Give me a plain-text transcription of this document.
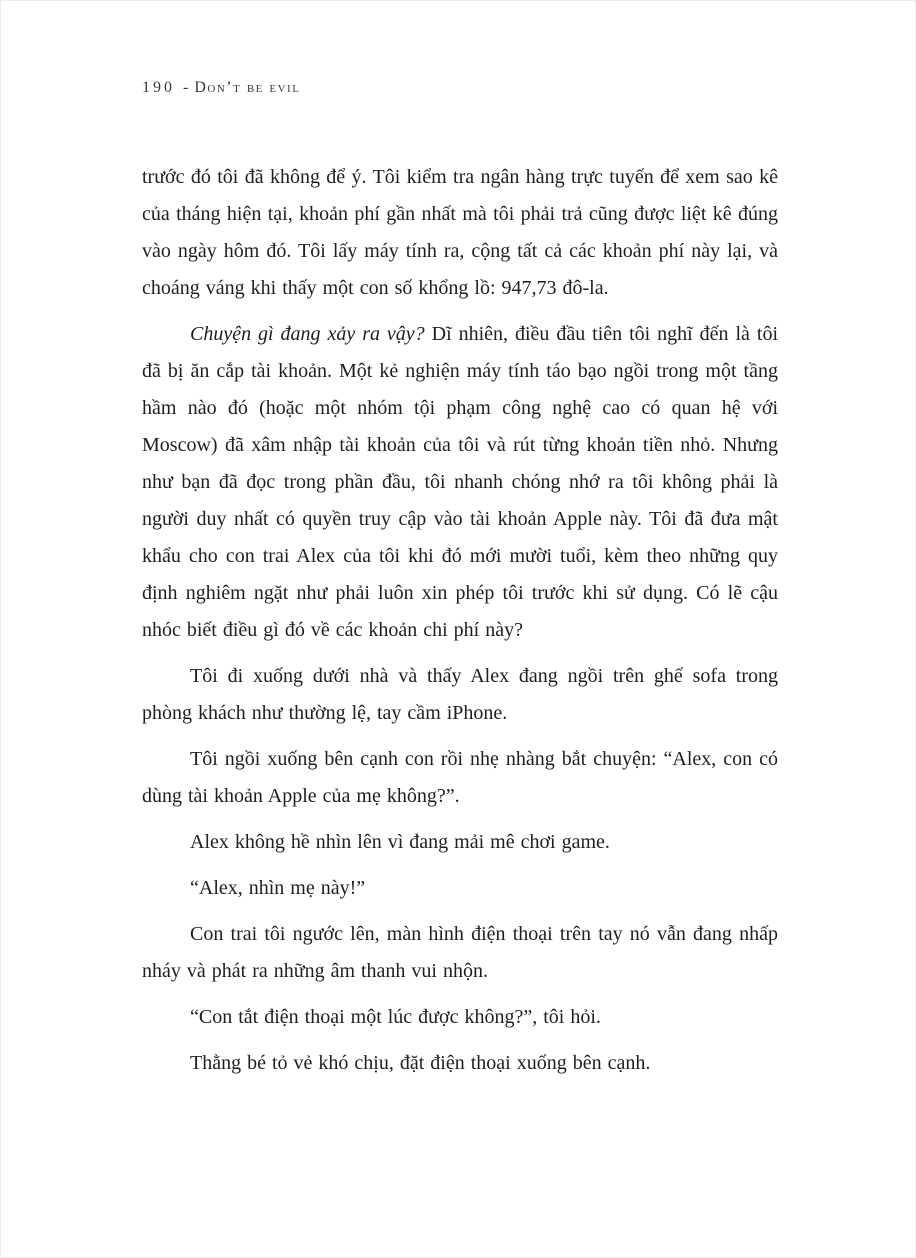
190 - Don’t be evil

trước đó tôi đã không để ý. Tôi kiểm tra ngân hàng trực tuyến để xem sao kê của tháng hiện tại, khoản phí gần nhất mà tôi phải trả cũng được liệt kê đúng vào ngày hôm đó. Tôi lấy máy tính ra, cộng tất cả các khoản phí này lại, và choáng váng khi thấy một con số khổng lồ: 947,73 đô-la.

Chuyện gì đang xảy ra vậy? Dĩ nhiên, điều đầu tiên tôi nghĩ đến là tôi đã bị ăn cắp tài khoản. Một kẻ nghiện máy tính táo bạo ngồi trong một tầng hầm nào đó (hoặc một nhóm tội phạm công nghệ cao có quan hệ với Moscow) đã xâm nhập tài khoản của tôi và rút từng khoản tiền nhỏ. Nhưng như bạn đã đọc trong phần đầu, tôi nhanh chóng nhớ ra tôi không phải là người duy nhất có quyền truy cập vào tài khoản Apple này. Tôi đã đưa mật khẩu cho con trai Alex của tôi khi đó mới mười tuổi, kèm theo những quy định nghiêm ngặt như phải luôn xin phép tôi trước khi sử dụng. Có lẽ cậu nhóc biết điều gì đó về các khoản chi phí này?

Tôi đi xuống dưới nhà và thấy Alex đang ngồi trên ghế sofa trong phòng khách như thường lệ, tay cầm iPhone.

Tôi ngồi xuống bên cạnh con rồi nhẹ nhàng bắt chuyện: “Alex, con có dùng tài khoản Apple của mẹ không?”.

Alex không hề nhìn lên vì đang mải mê chơi game.

“Alex, nhìn mẹ này!”

Con trai tôi ngước lên, màn hình điện thoại trên tay nó vẫn đang nhấp nháy và phát ra những âm thanh vui nhộn.

“Con tắt điện thoại một lúc được không?”, tôi hỏi.

Thằng bé tỏ vẻ khó chịu, đặt điện thoại xuống bên cạnh.
